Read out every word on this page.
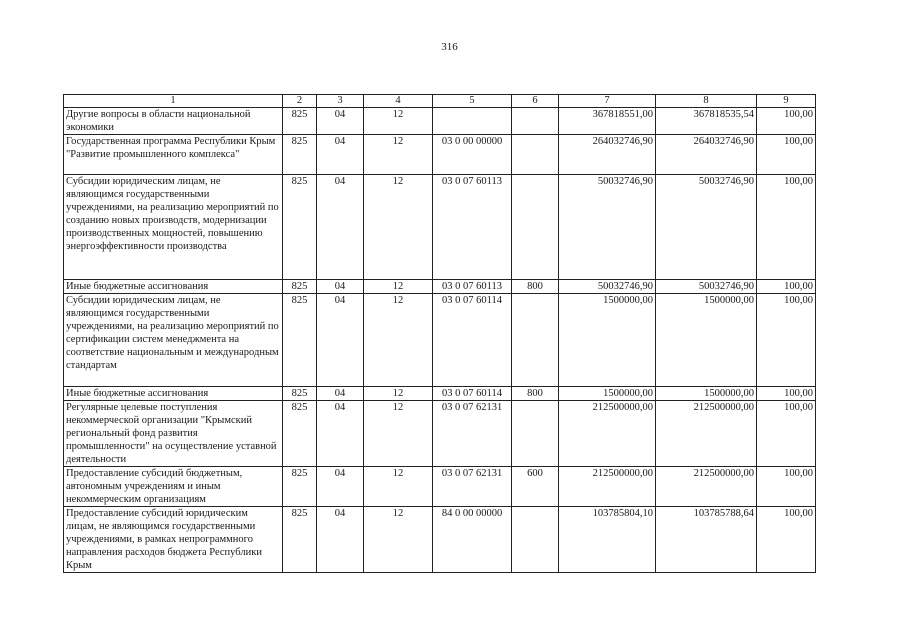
316
1	2	3	4	5	6	7	8	9
Другие вопросы в области национальной экономики	825	04	12			367818551,00	367818535,54	100,00
Государственная программа Республики Крым "Развитие промышленного комплекса"	825	04	12	03 0 00 00000		264032746,90	264032746,90	100,00
Субсидии юридическим лицам, не являющимся государственными учреждениями, на реализацию мероприятий по созданию новых производств, модернизации производственных мощностей, повышению энергоэффективности производства	825	04	12	03 0 07 60113		50032746,90	50032746,90	100,00
Иные бюджетные ассигнования	825	04	12	03 0 07 60113	800	50032746,90	50032746,90	100,00
Субсидии юридическим лицам, не являющимся государственными учреждениями, на реализацию мероприятий по сертификации систем менеджмента на соответствие национальным и международным стандартам	825	04	12	03 0 07 60114		1500000,00	1500000,00	100,00
Иные бюджетные ассигнования	825	04	12	03 0 07 60114	800	1500000,00	1500000,00	100,00
Регулярные целевые поступления некоммерческой организации "Крымский региональный фонд развития промышленности" на осуществление уставной деятельности	825	04	12	03 0 07 62131		212500000,00	212500000,00	100,00
Предоставление субсидий бюджетным, автономным учреждениям и иным некоммерческим организациям	825	04	12	03 0 07 62131	600	212500000,00	212500000,00	100,00
Предоставление субсидий юридическим лицам, не являющимся государственными учреждениями, в рамках непрограммного направления расходов бюджета Республики Крым	825	04	12	84 0 00 00000		103785804,10	103785788,64	100,00
